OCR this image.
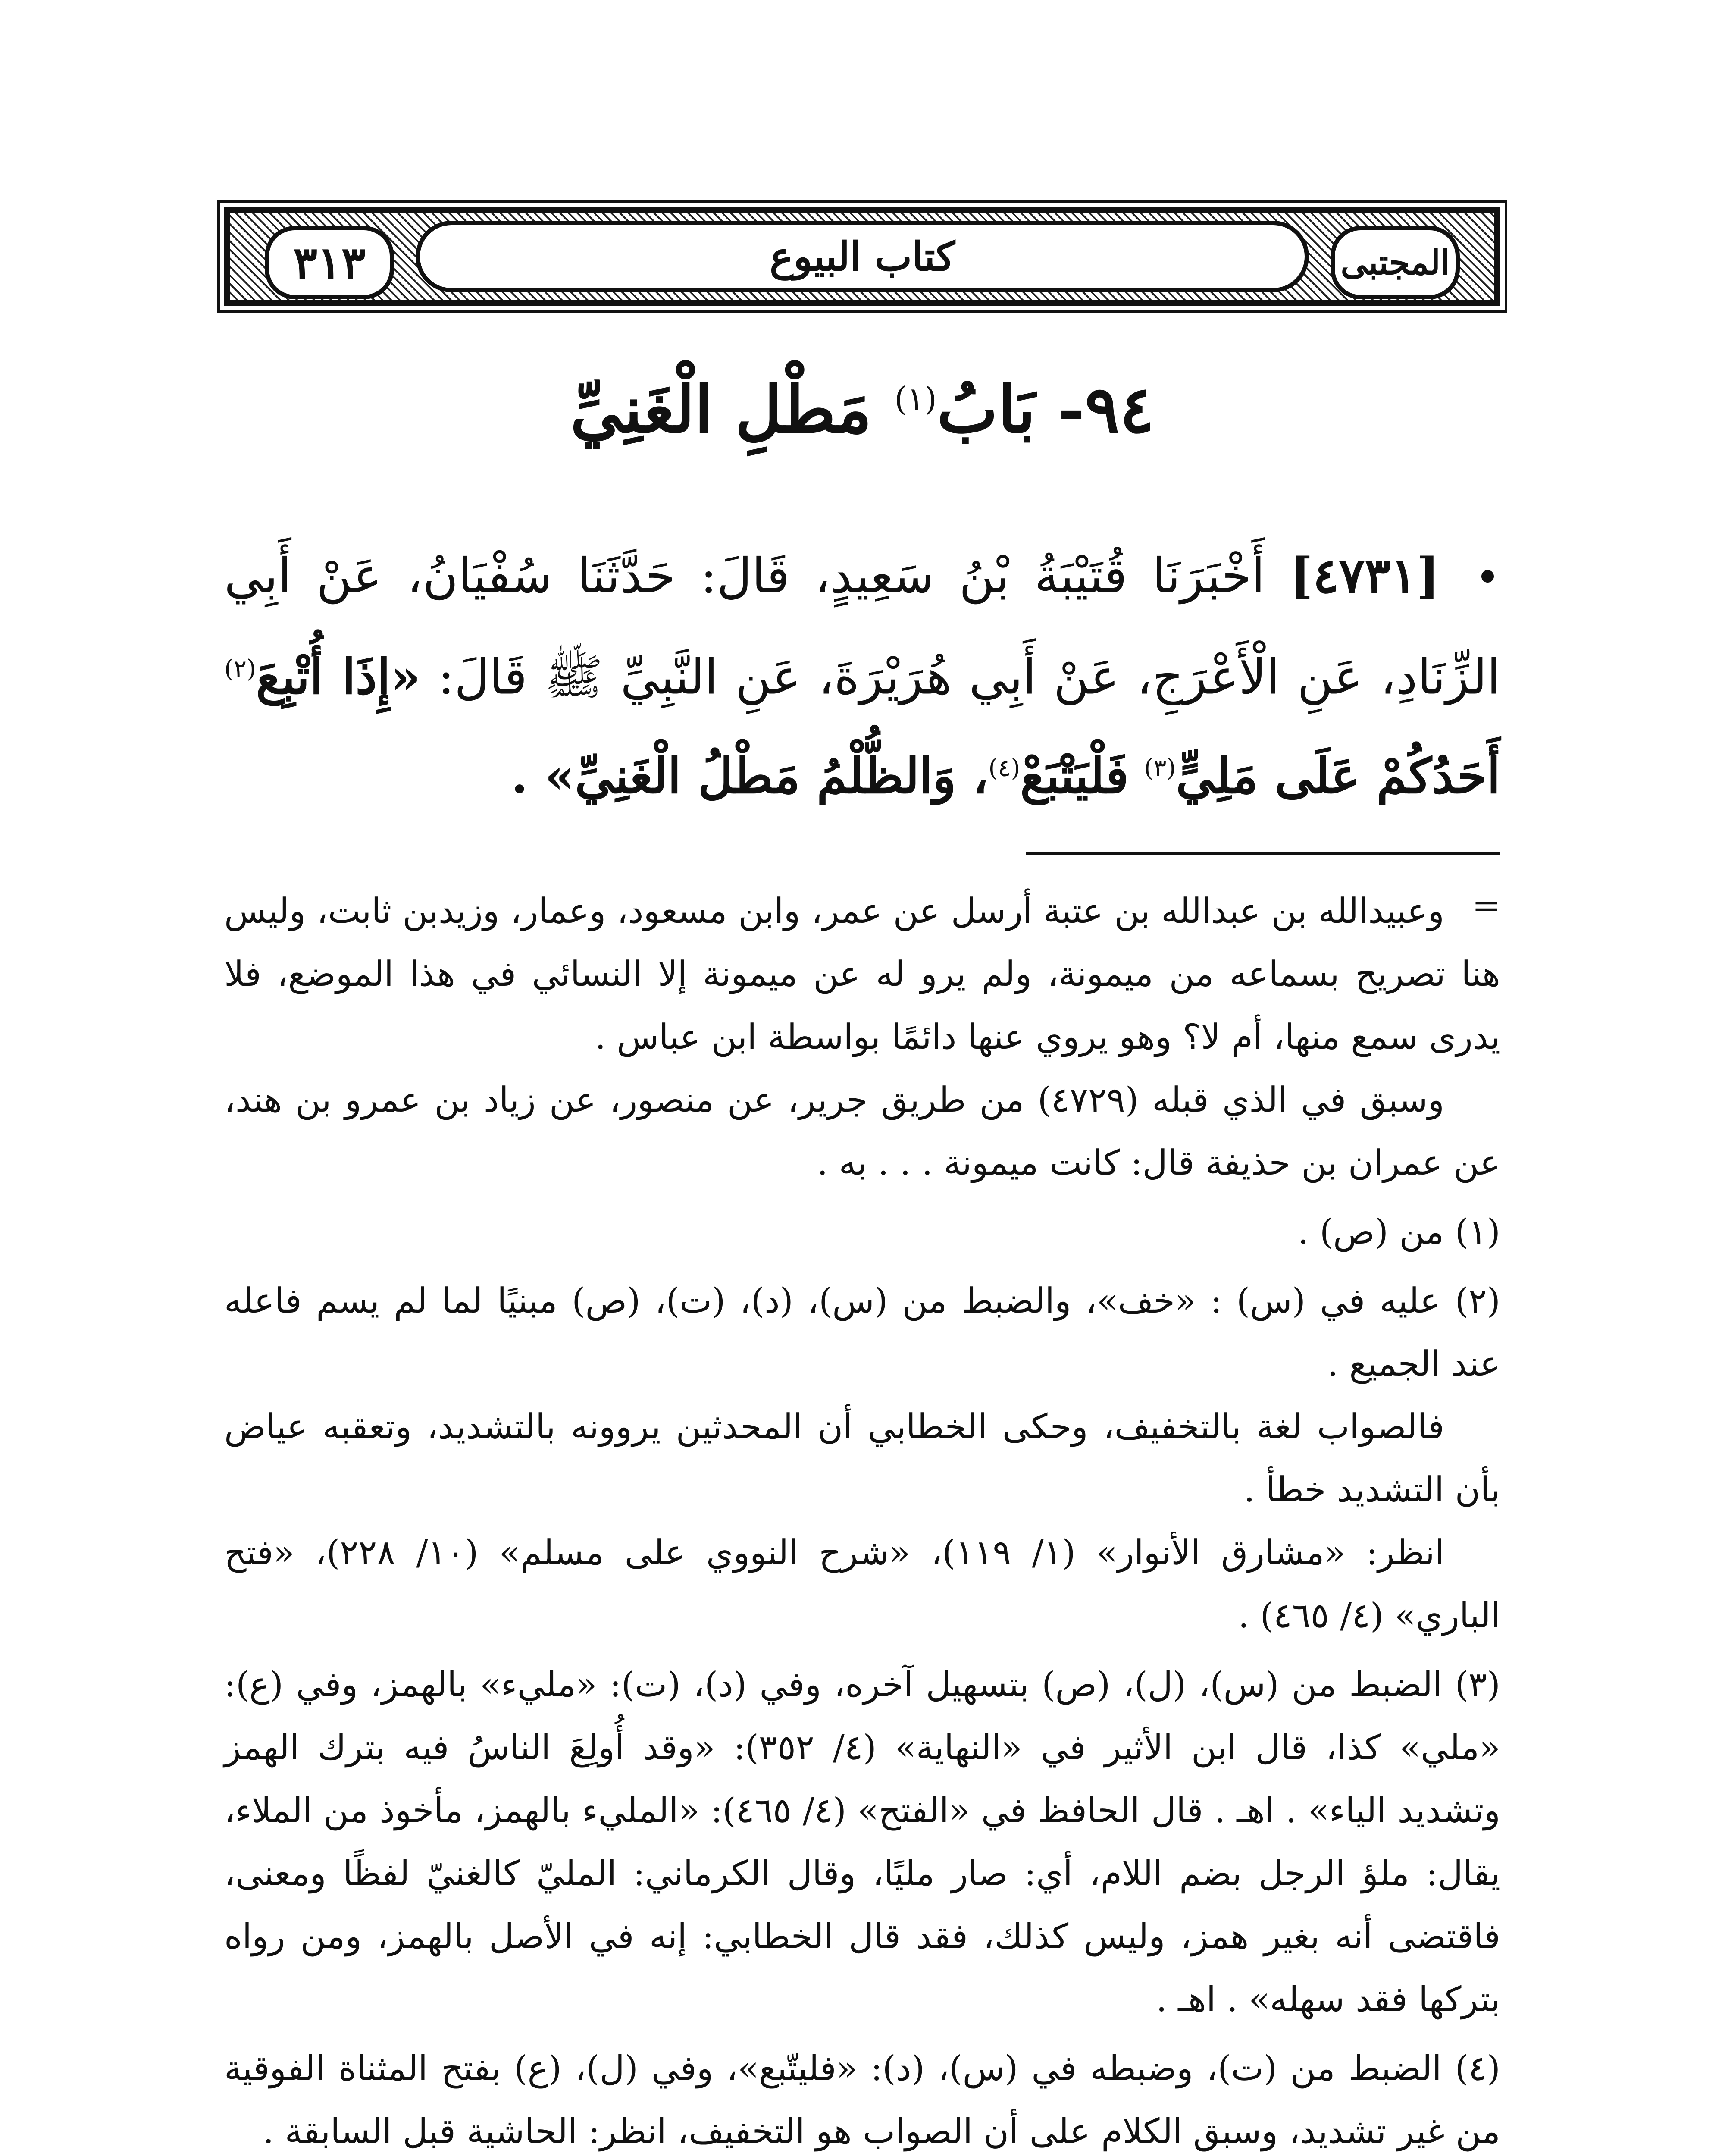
المجتبى
كتاب البيوع
٣١٣
٩٤- بَابُ$^{(١)}$ مَطْلِ الْغَنِيِّ
• [٤٧٣١] أَخْبَرَنَا قُتَيْبَةُ بْنُ سَعِيدٍ، قَالَ: حَدَّثَنَا سُفْيَانُ، عَنْ أَبِي الزِّنَادِ، عَنِ الْأَعْرَجِ، عَنْ أَبِي هُرَيْرَةَ، عَنِ النَّبِيِّ ﷺ قَالَ: «إِذَا أُتْبِعَ$^{(٢)}$ أَحَدُكُمْ عَلَى مَلِيٍّ$^{(٣)}$ فَلْيَتْبَعْ$^{(٤)}$، وَالظُّلْمُ مَطْلُ الْغَنِيِّ» .
=

وعبيدالله بن عبدالله بن عتبة أرسل عن عمر، وابن مسعود، وعمار، وزيدبن ثابت، وليس هنا تصريح بسماعه من ميمونة، ولم يرو له عن ميمونة إلا النسائي في هذا الموضع، فلا يدرى سمع منها، أم لا؟ وهو يروي عنها دائمًا بواسطة ابن عباس .

وسبق في الذي قبله (٤٧٢٩) من طريق جرير، عن منصور، عن زياد بن عمرو بن هند، عن عمران بن حذيفة قال: كانت ميمونة . . . به .

(١) من (ص) .

(٢) عليه في (س) : «خف»، والضبط من (س)، (د)، (ت)، (ص) مبنيًا لما لم يسم فاعله عند الجميع .

فالصواب لغة بالتخفيف، وحكى الخطابي أن المحدثين يروونه بالتشديد، وتعقبه عياض بأن التشديد خطأ .

انظر: «مشارق الأنوار» (١/ ١١٩)، «شرح النووي على مسلم» (١٠/ ٢٢٨)، «فتح الباري» (٤/ ٤٦٥) .

(٣) الضبط من (س)، (ل)، (ص) بتسهيل آخره، وفي (د)، (ت): «مليء» بالهمز، وفي (ع): «ملي» كذا، قال ابن الأثير في «النهاية» (٤/ ٣٥٢): «وقد أُولِعَ الناسُ فيه بترك الهمز وتشديد الياء» . اهـ . قال الحافظ في «الفتح» (٤/ ٤٦٥): «المليء بالهمز، مأخوذ من الملاء، يقال: ملؤ الرجل بضم اللام، أي: صار مليًا، وقال الكرماني: المليّ كالغنيّ لفظًا ومعنى، فاقتضى أنه بغير همز، وليس كذلك، فقد قال الخطابي: إنه في الأصل بالهمز، ومن رواه بتركها فقد سهله» . اهـ .

(٤) الضبط من (ت)، وضبطه في (س)، (د): «فليتّبع»، وفي (ل)، (ع) بفتح المثناة الفوقية من غير تشديد، وسبق الكلام على أن الصواب هو التخفيف، انظر: الحاشية قبل السابقة .
